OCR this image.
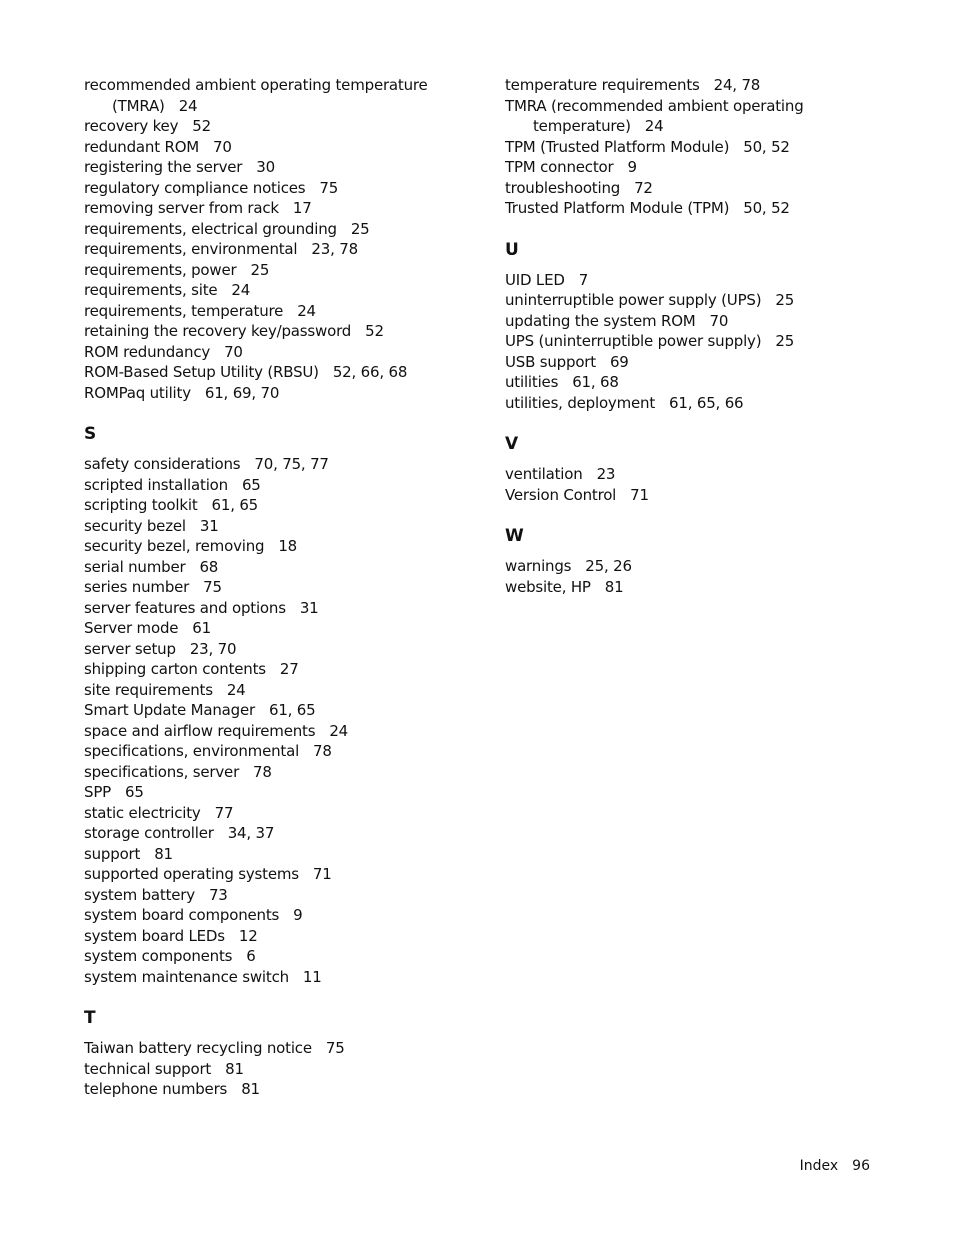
recommended ambient operating temperature
(TMRA) 24
recovery key 52
redundant ROM 70
registering the server 30
regulatory compliance notices 75
removing server from rack 17
requirements, electrical grounding 25
requirements, environmental 23, 78
requirements, power 25
requirements, site 24
requirements, temperature 24
retaining the recovery key/password 52
ROM redundancy 70
ROM-Based Setup Utility (RBSU) 52, 66, 68
ROMPaq utility 61, 69, 70
S
safety considerations 70, 75, 77
scripted installation 65
scripting toolkit 61, 65
security bezel 31
security bezel, removing 18
serial number 68
series number 75
server features and options 31
Server mode 61
server setup 23, 70
shipping carton contents 27
site requirements 24
Smart Update Manager 61, 65
space and airflow requirements 24
specifications, environmental 78
specifications, server 78
SPP 65
static electricity 77
storage controller 34, 37
support 81
supported operating systems 71
system battery 73
system board components 9
system board LEDs 12
system components 6
system maintenance switch 11
T
Taiwan battery recycling notice 75
technical support 81
telephone numbers 81
temperature requirements 24, 78
TMRA (recommended ambient operating
temperature) 24
TPM (Trusted Platform Module) 50, 52
TPM connector 9
troubleshooting 72
Trusted Platform Module (TPM) 50, 52
U
UID LED 7
uninterruptible power supply (UPS) 25
updating the system ROM 70
UPS (uninterruptible power supply) 25
USB support 69
utilities 61, 68
utilities, deployment 61, 65, 66
V
ventilation 23
Version Control 71
W
warnings 25, 26
website, HP 81
Index 96
